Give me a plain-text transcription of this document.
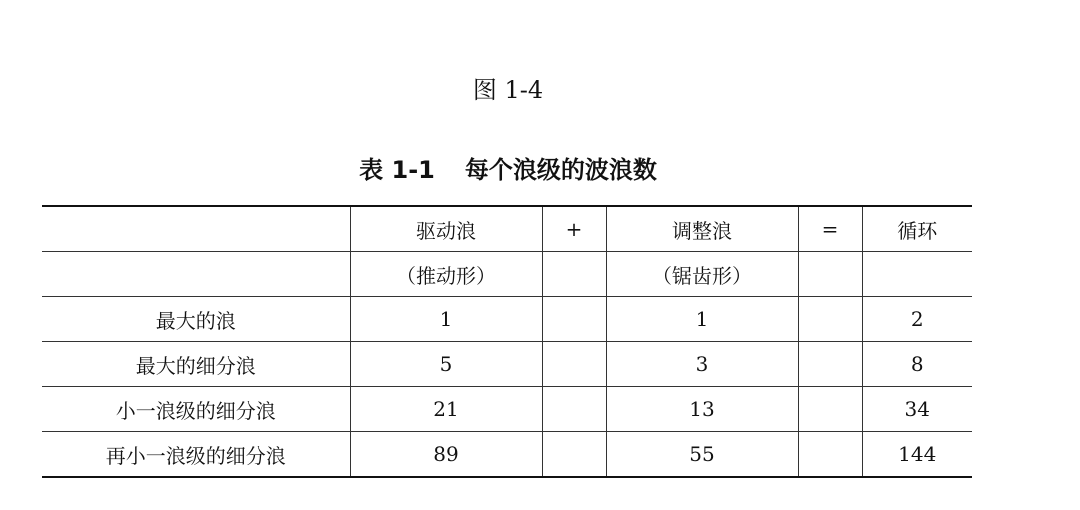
图 1-4
表 1-1 每个浪级的波浪数
	驱动浪	+	调整浪	=	循环
	（推动形）		（锯齿形）		
最大的浪	1		1		2
最大的细分浪	5		3		8
小一浪级的细分浪	21		13		34
再小一浪级的细分浪	89		55		144
